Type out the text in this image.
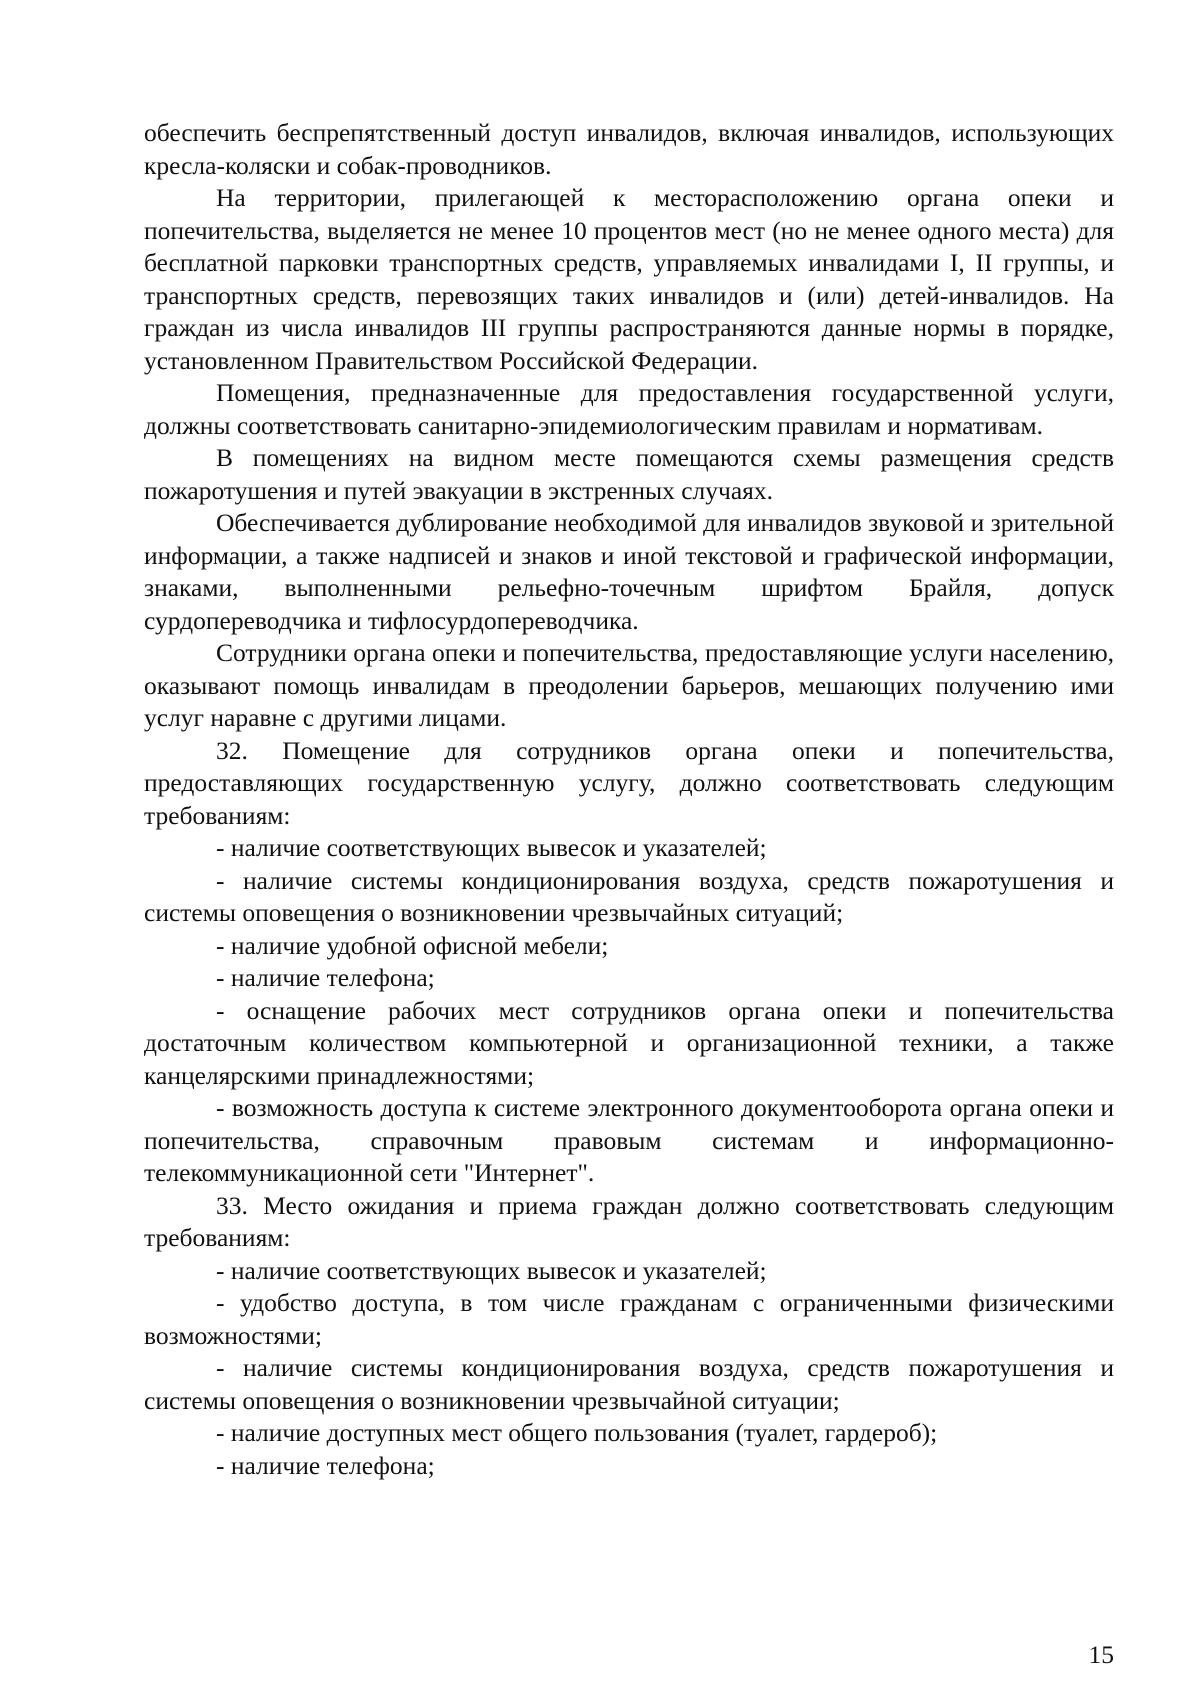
обеспечить беспрепятственный доступ инвалидов, включая инвалидов, использующих кресла-коляски и собак-проводников.

На территории, прилегающей к месторасположению органа опеки и попечительства, выделяется не менее 10 процентов мест (но не менее одного места) для бесплатной парковки транспортных средств, управляемых инвалидами I, II группы, и транспортных средств, перевозящих таких инвалидов и (или) детей-инвалидов. На граждан из числа инвалидов III группы распространяются данные нормы в порядке, установленном Правительством Российской Федерации.

Помещения, предназначенные для предоставления государственной услуги, должны соответствовать санитарно-эпидемиологическим правилам и нормативам.

В помещениях на видном месте помещаются схемы размещения средств пожаротушения и путей эвакуации в экстренных случаях.

Обеспечивается дублирование необходимой для инвалидов звуковой и зрительной информации, а также надписей и знаков и иной текстовой и графической информации, знаками, выполненными рельефно-точечным шрифтом Брайля, допуск сурдопереводчика и тифлосурдопереводчика.

Сотрудники органа опеки и попечительства, предоставляющие услуги населению, оказывают помощь инвалидам в преодолении барьеров, мешающих получению ими услуг наравне с другими лицами.

32. Помещение для сотрудников органа опеки и попечительства, предоставляющих государственную услугу, должно соответствовать следующим требованиям:

- наличие соответствующих вывесок и указателей;

- наличие системы кондиционирования воздуха, средств пожаротушения и системы оповещения о возникновении чрезвычайных ситуаций;

- наличие удобной офисной мебели;

- наличие телефона;

- оснащение рабочих мест сотрудников органа опеки и попечительства достаточным количеством компьютерной и организационной техники, а также канцелярскими принадлежностями;

- возможность доступа к системе электронного документооборота органа опеки и попечительства, справочным правовым системам и информационно-телекоммуникационной сети "Интернет".

33. Место ожидания и приема граждан должно соответствовать следующим требованиям:

- наличие соответствующих вывесок и указателей;

- удобство доступа, в том числе гражданам с ограниченными физическими возможностями;

- наличие системы кондиционирования воздуха, средств пожаротушения и системы оповещения о возникновении чрезвычайной ситуации;

- наличие доступных мест общего пользования (туалет, гардероб);

- наличие телефона;

15
